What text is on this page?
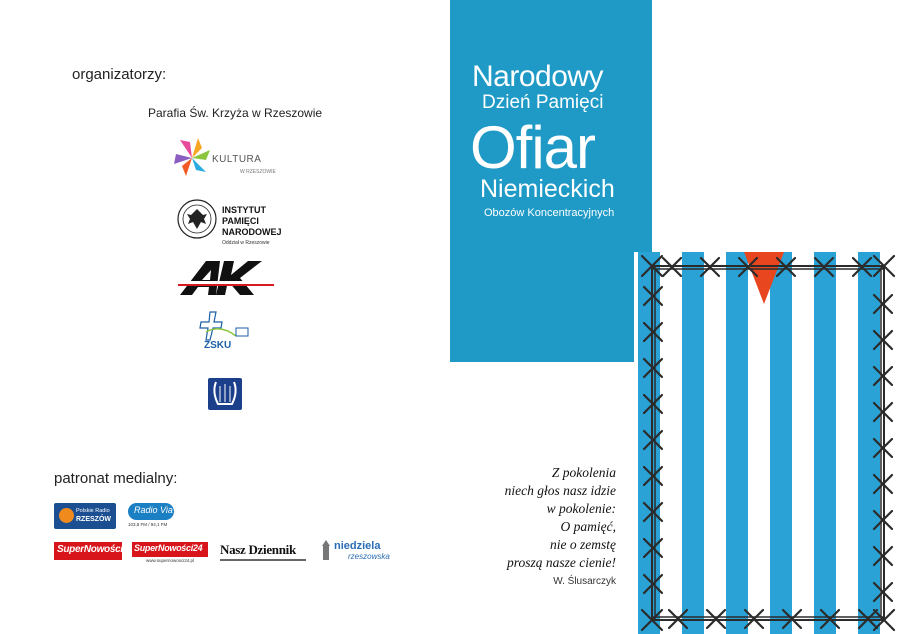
organizatorzy:
Parafia Św. Krzyża w Rzeszowie
KULTURA
W RZESZOWIE
INSTYTUT
PAMIĘCI
NARODOWEJ
Oddział w Rzeszowie
ZSKU
patronat medialny:
Polskie Radio
RZESZÓW
Radio Via
103,8 FM / 94,1 FM
SuperNowości SuperNowości24
www.supernowosci24.pl
Nasz Dziennik	niedziela
rzeszowska
Narodowy
Dzień Pamięci
Ofiar
Niemieckich
Obozów Koncentracyjnych
Z pokolenia
niech głos nasz idzie
w pokolenie:
O pamięć,
nie o zemstę
proszą nasze cienie!
W. Ślusarczyk
